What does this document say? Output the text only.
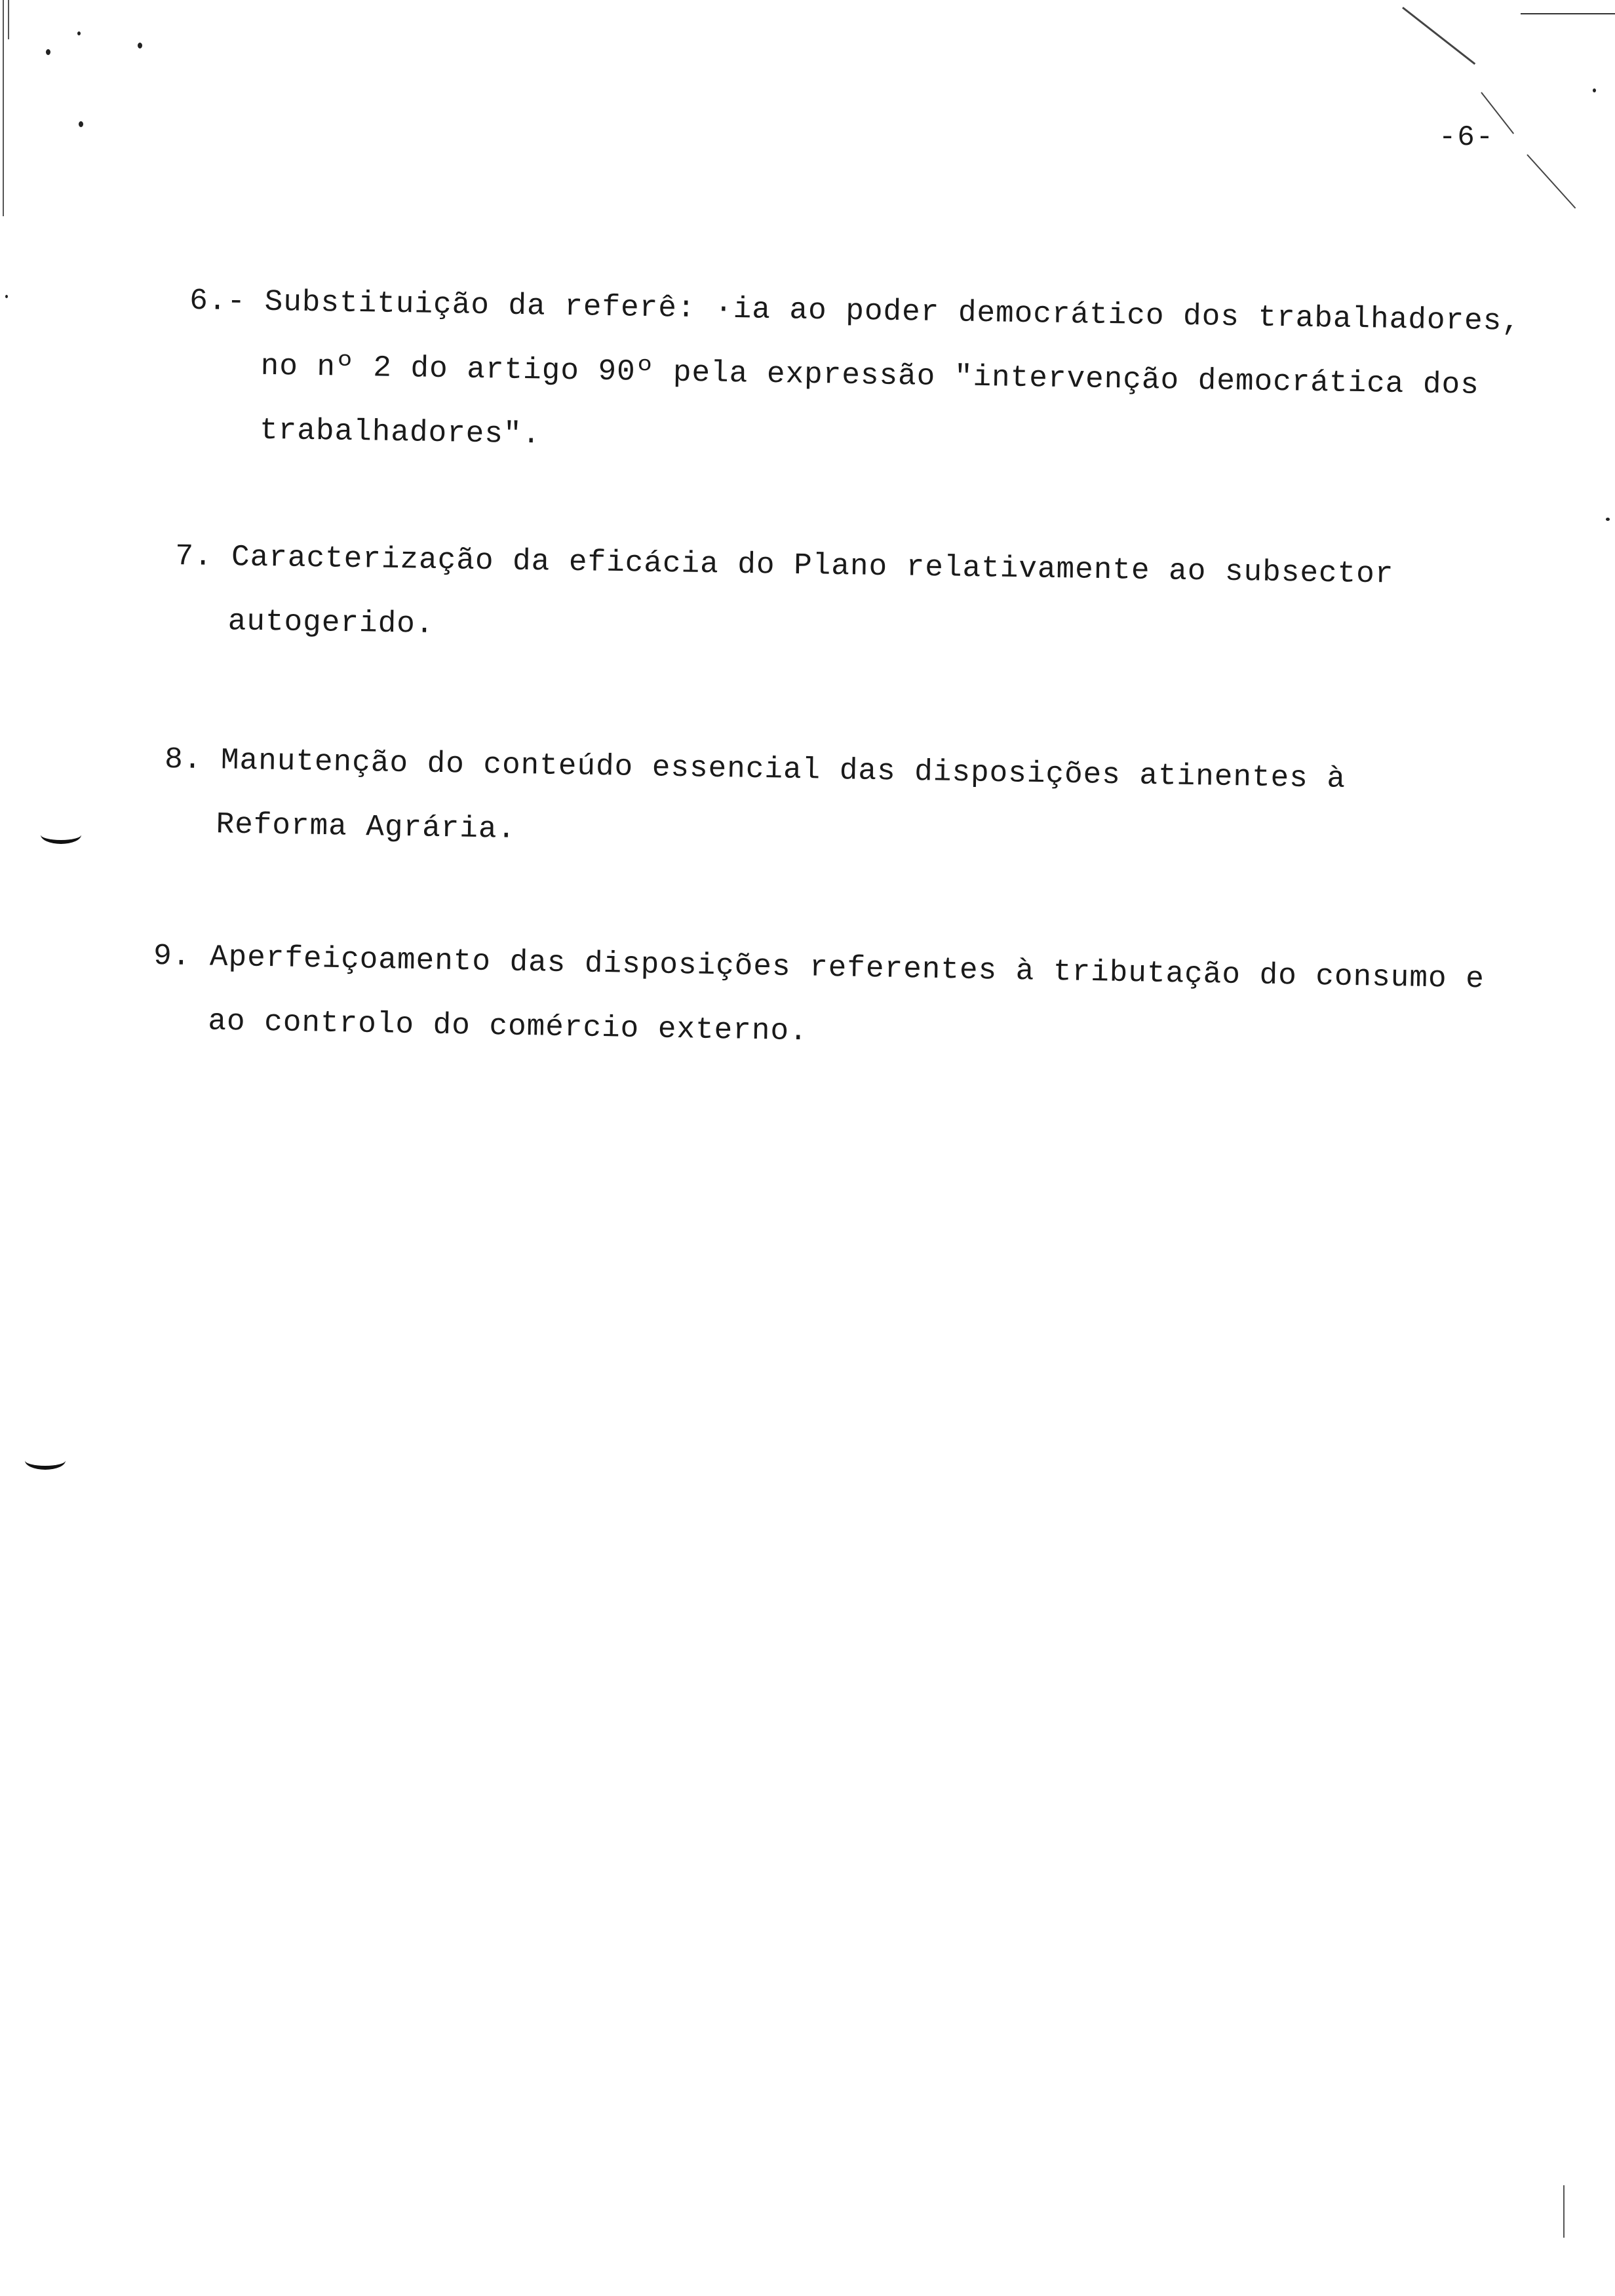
-6-
6.- Substituição da referê: ·ia ao poder democrático dos trabalhadores,
no nº 2 do artigo 90º pela expressão "intervenção democrática dos
trabalhadores".
7. Caracterização da eficácia do Plano relativamente ao subsector
autogerido.
8. Manutenção do conteúdo essencial das disposições atinentes à
Reforma Agrária.
9. Aperfeiçoamento das disposições referentes à tributação do consumo e
ao controlo do comércio externo.
